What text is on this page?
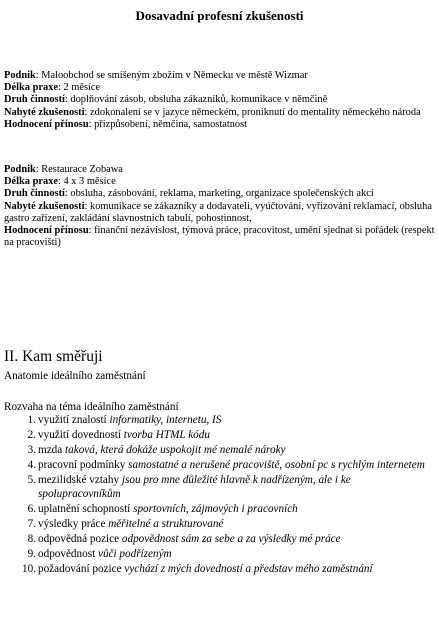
Dosavadní profesní zkušenosti

Podnik: Maloobchod se smíšeným zbožím v Německu ve městě Wizmar

Délka praxe: 2 měsíce

Druh činností: doplňování zásob, obsluha zákazníků, komunikace v němčině

Nabyté zkušenosti: zdokonalení se v jazyce německém, proniknutí do mentality německého národa

Hodnocení přínosu: přizpůsobení, němčina, samostatnost

Podnik: Restaurace Zobawa

Délka praxe: 4 x 3 měsíce

Druh činností: obsluha, zásobování, reklama, marketing, organizace společenských akcí

Nabyté zkušenosti: komunikace se zákazníky a dodavateli, vyúčtování, vyřizování reklamací, obsluha gastro zařízení, zakládání slavnostních tabulí, pohostinnost,

Hodnocení přínosu: finanční nezávislost, týmová práce, pracovitost, umění sjednat si pořádek (respekt na pracovišti)

II. Kam směřuji
Anatomie ideálního zaměstnání
Rozvaha na téma ideálního zaměstnání
1. využití znalostí informatiky, internetu, IS
2. využití dovedností tvorba HTML kódu
3. mzda taková, která dokáže uspokojit mé nemalé nároky
4. pracovní podmínky samostatné a nerušené pracoviště, osobní pc s rychlým internetem
5. mezilidské vztahy jsou pro mne důležité hlavně k nadřízeným, ale i ke spolupracovníkům
6. uplatnění schopností sportovních, zájmových i pracovních
7. výsledky práce měřitelné a strukturované
8. odpovědná pozice odpovědnost sám za sebe a za výsledky mé práce
9. odpovědnost vůči podřízeným
10. požadování pozice vychází z mých dovedností a představ mého zaměstnání
